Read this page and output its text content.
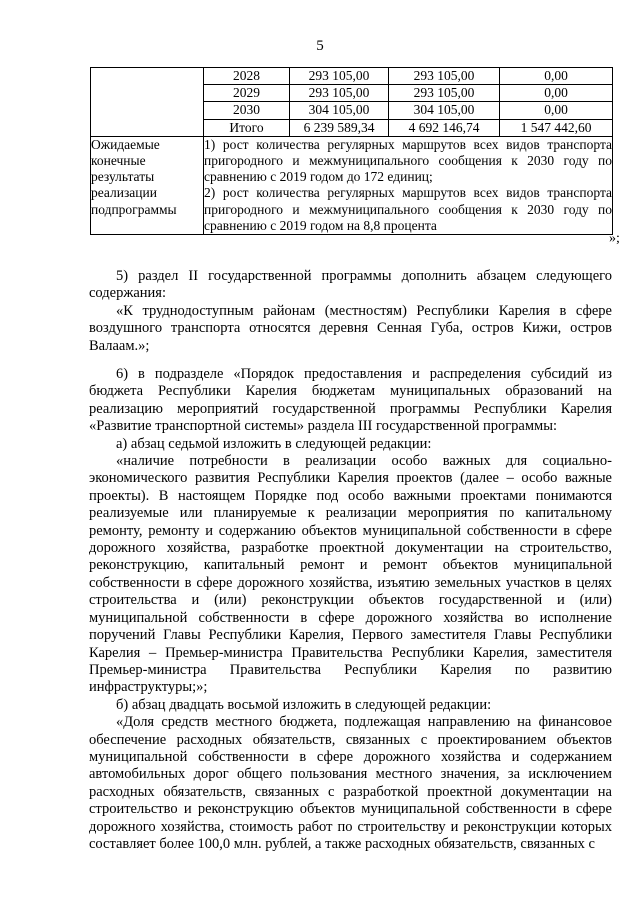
5
	2028	293 105,00	293 105,00	0,00
	2029	293 105,00	293 105,00	0,00
	2030	304 105,00	304 105,00	0,00
	Итого	6 239 589,34	4 692 146,74	1 547 442,60
Ожидаемые конечные результаты реализации подпрограммы	1) рост количества регулярных маршрутов всех видов транспорта пригородного и межмуниципального сообщения к 2030 году по сравнению с 2019 годом до 172 единиц;
2) рост количества регулярных маршрутов всех видов транспорта пригородного и межмуниципального сообщения к 2030 году по сравнению с 2019 годом на 8,8 процента			
»;

5) раздел II государственной программы дополнить абзацем следующего содержания:

«К труднодоступным районам (местностям) Республики Карелия в сфере воздушного транспорта относятся деревня Сенная Губа, остров Кижи, остров Валаам.»;

6) в подразделе «Порядок предоставления и распределения субсидий из бюджета Республики Карелия бюджетам муниципальных образований на реализацию мероприятий государственной программы Республики Карелия «Развитие транспортной системы» раздела III государственной программы:

а) абзац седьмой изложить в следующей редакции:

«наличие потребности в реализации особо важных для социально-экономического развития Республики Карелия проектов (далее – особо важные проекты). В настоящем Порядке под особо важными проектами понимаются реализуемые или планируемые к реализации мероприятия по капитальному ремонту, ремонту и содержанию объектов муниципальной собственности в сфере дорожного хозяйства, разработке проектной документации на строительство, реконструкцию, капитальный ремонт и ремонт объектов муниципальной собственности в сфере дорожного хозяйства, изъятию земельных участков в целях строительства и (или) реконструкции объектов государственной и (или) муниципальной собственности в сфере дорожного хозяйства во исполнение поручений Главы Республики Карелия, Первого заместителя Главы Республики Карелия – Премьер-министра Правительства Республики Карелия, заместителя Премьер-министра Правительства Республики Карелия по развитию инфраструктуры;»;

б) абзац двадцать восьмой изложить в следующей редакции:

«Доля средств местного бюджета, подлежащая направлению на финансовое обеспечение расходных обязательств, связанных с проектированием объектов муниципальной собственности в сфере дорожного хозяйства и содержанием автомобильных дорог общего пользования местного значения, за исключением расходных обязательств, связанных с разработкой проектной документации на строительство и реконструкцию объектов муниципальной собственности в сфере дорожного хозяйства, стоимость работ по строительству и реконструкции которых составляет более 100,0 млн. рублей, а также расходных обязательств, связанных с
